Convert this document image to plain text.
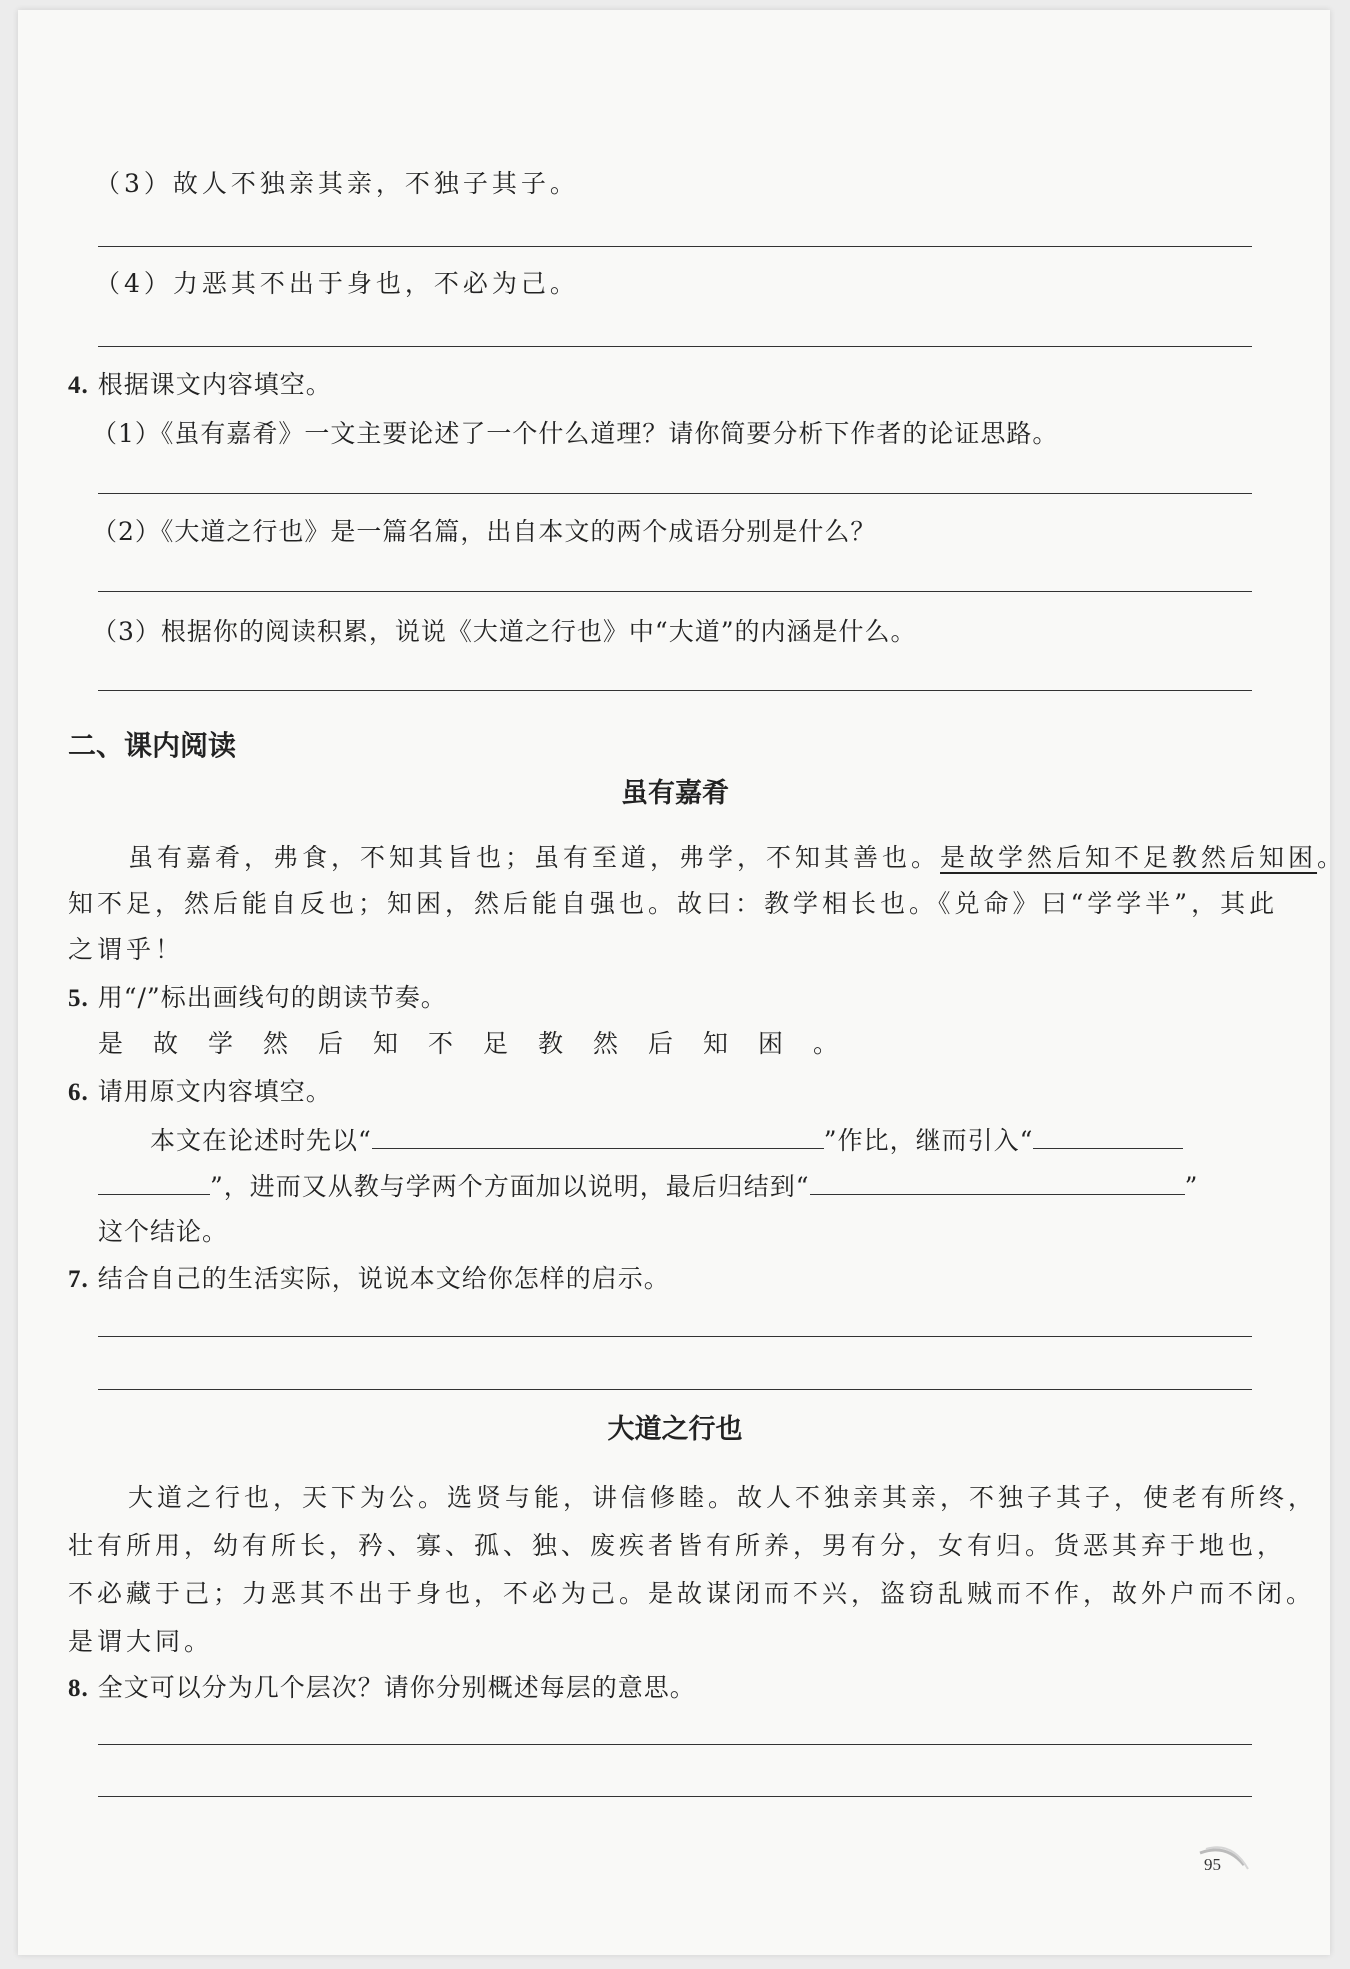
（3）故人不独亲其亲，不独子其子。
（4）力恶其不出于身也，不必为己。
4. 根据课文内容填空。
（1）《虽有嘉肴》一文主要论述了一个什么道理？请你简要分析下作者的论证思路。
（2）《大道之行也》是一篇名篇，出自本文的两个成语分别是什么？
（3）根据你的阅读积累，说说《大道之行也》中“大道”的内涵是什么。
二、课内阅读
虽有嘉肴
虽有嘉肴，弗食，不知其旨也；虽有至道，弗学，不知其善也。是故学然后知不足教然后知困。
知不足，然后能自反也；知困，然后能自强也。故曰：教学相长也。《兑命》曰“学学半”，其此
之谓乎！
5. 用“/”标出画线句的朗读节奏。
是故学然后知不足教然后知困。
6. 请用原文内容填空。
本文在论述时先以“	”作比，继而引入“
”，进而又从教与学两个方面加以说明，最后归结到“	”
这个结论。
7. 结合自己的生活实际，说说本文给你怎样的启示。
大道之行也
大道之行也，天下为公。选贤与能，讲信修睦。故人不独亲其亲，不独子其子，使老有所终，
壮有所用，幼有所长，矜、寡、孤、独、废疾者皆有所养，男有分，女有归。货恶其弃于地也，
不必藏于己；力恶其不出于身也，不必为己。是故谋闭而不兴，盗窃乱贼而不作，故外户而不闭。
是谓大同。
8. 全文可以分为几个层次？请你分别概述每层的意思。
95
